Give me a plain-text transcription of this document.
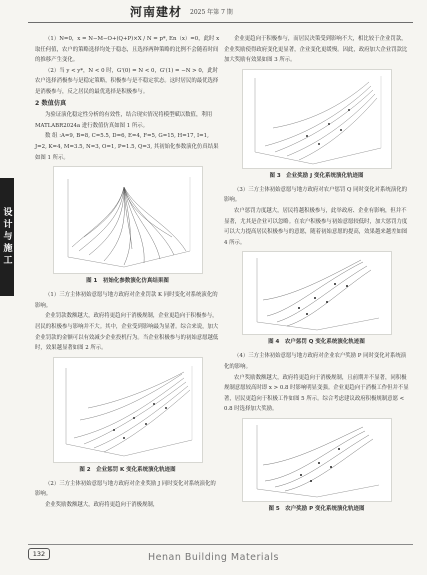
河南建材 2025 年第 7 期
设计与施工

（1）N=0，x = N−M−O+(Q+P)×X / N = p*, En（x）=0，此时 x 取任何值，农户的策略选择均处于稳态，且选择两种策略的比例不会随着时间的推移产生变化。

（2）当 y < y*，N < 0 时，G'(0) = N < 0，G'(1) = −N > 0，此时农户选择消极参与是稳定策略，积极参与是不稳定状态。这时居民的最优选择是消极参与，反之居民的最优选择是积极参与。

2 数值仿真

为验证演化稳定性分析的有效性，结合现实情况将模型赋以数值，利用 MATLABR2024a 进行数值仿真如图 1 所示。

数 组 :A=9, B=8, C=5.5, D=6, E=4, F=5, G=15, H=17, I=1, J=2, K=4, M=3.5, N=3, O=1, P=1.5, Q=3, 其初始化参数演化仿真结果如图 1 所示。

图 1　初始化参数演化仿真结果图

（1）三方主体初始意愿与地方政府对企业罚款 K 同时变化对系统演化的影响。

企业罚款数额越大，政府将更趋向于消极规制，企业更趋向于积极参与，居民的积极参与影响并不大。其中，企业受到影响最为显著。综合来说，加大企业罚款的金额可以有效减少企业投机行为。当企业积极参与的初始意愿越低时，效果越显著如图 2 所示。

图 2　企业惩罚 K 变化系统演化轨迹图

（2）三方主体初始意愿与地方政府对企业奖励 J 同时变化对系统演化的影响。

企业奖励数额越大，政府将更趋向于消极规制，

企业更趋向于积极参与，而居民决策受到影响不大，相比较于企业罚款，企业奖励使得政府变化更显著，企业变化更缓慢。因此，政府加大企业罚款比加大奖励有效果如图 3 所示。

图 3　企业奖励 J 变化系统演化轨迹图

（3）三方主体初始意愿与地方政府对农户惩罚 Q 同时变化对系统演化的影响。

农户惩罚力度越大，居民将越积极参与，此举政府、企业有影响，但并不显著，尤其是企业可以忽略。在农户积极参与初始意愿较低时，加大惩罚力度可以大力提高居民积极参与的意愿，随着初始意愿的提高，效果越来越差如图 4 所示。

图 4　农户惩罚 Q 变化系统演化轨迹图

（4）三方主体初始意愿与地方政府对企业农户奖励 P 同时变化对系统演化的影响。

农户奖励数额越大，政府将更趋向于消极规制，且前期并不显著，同积极规制意愿较高时即 x > 0.8 时影响明显变强。企业更趋向于消极工作但并不显著，居民更趋向于积极工作如图 5 所示。综合考虑建议政府积极规制意愿 < 0.8 时选择加大奖励。

图 5　农户奖励 P 变化系统演化轨迹图
132	Henan Building Materials
